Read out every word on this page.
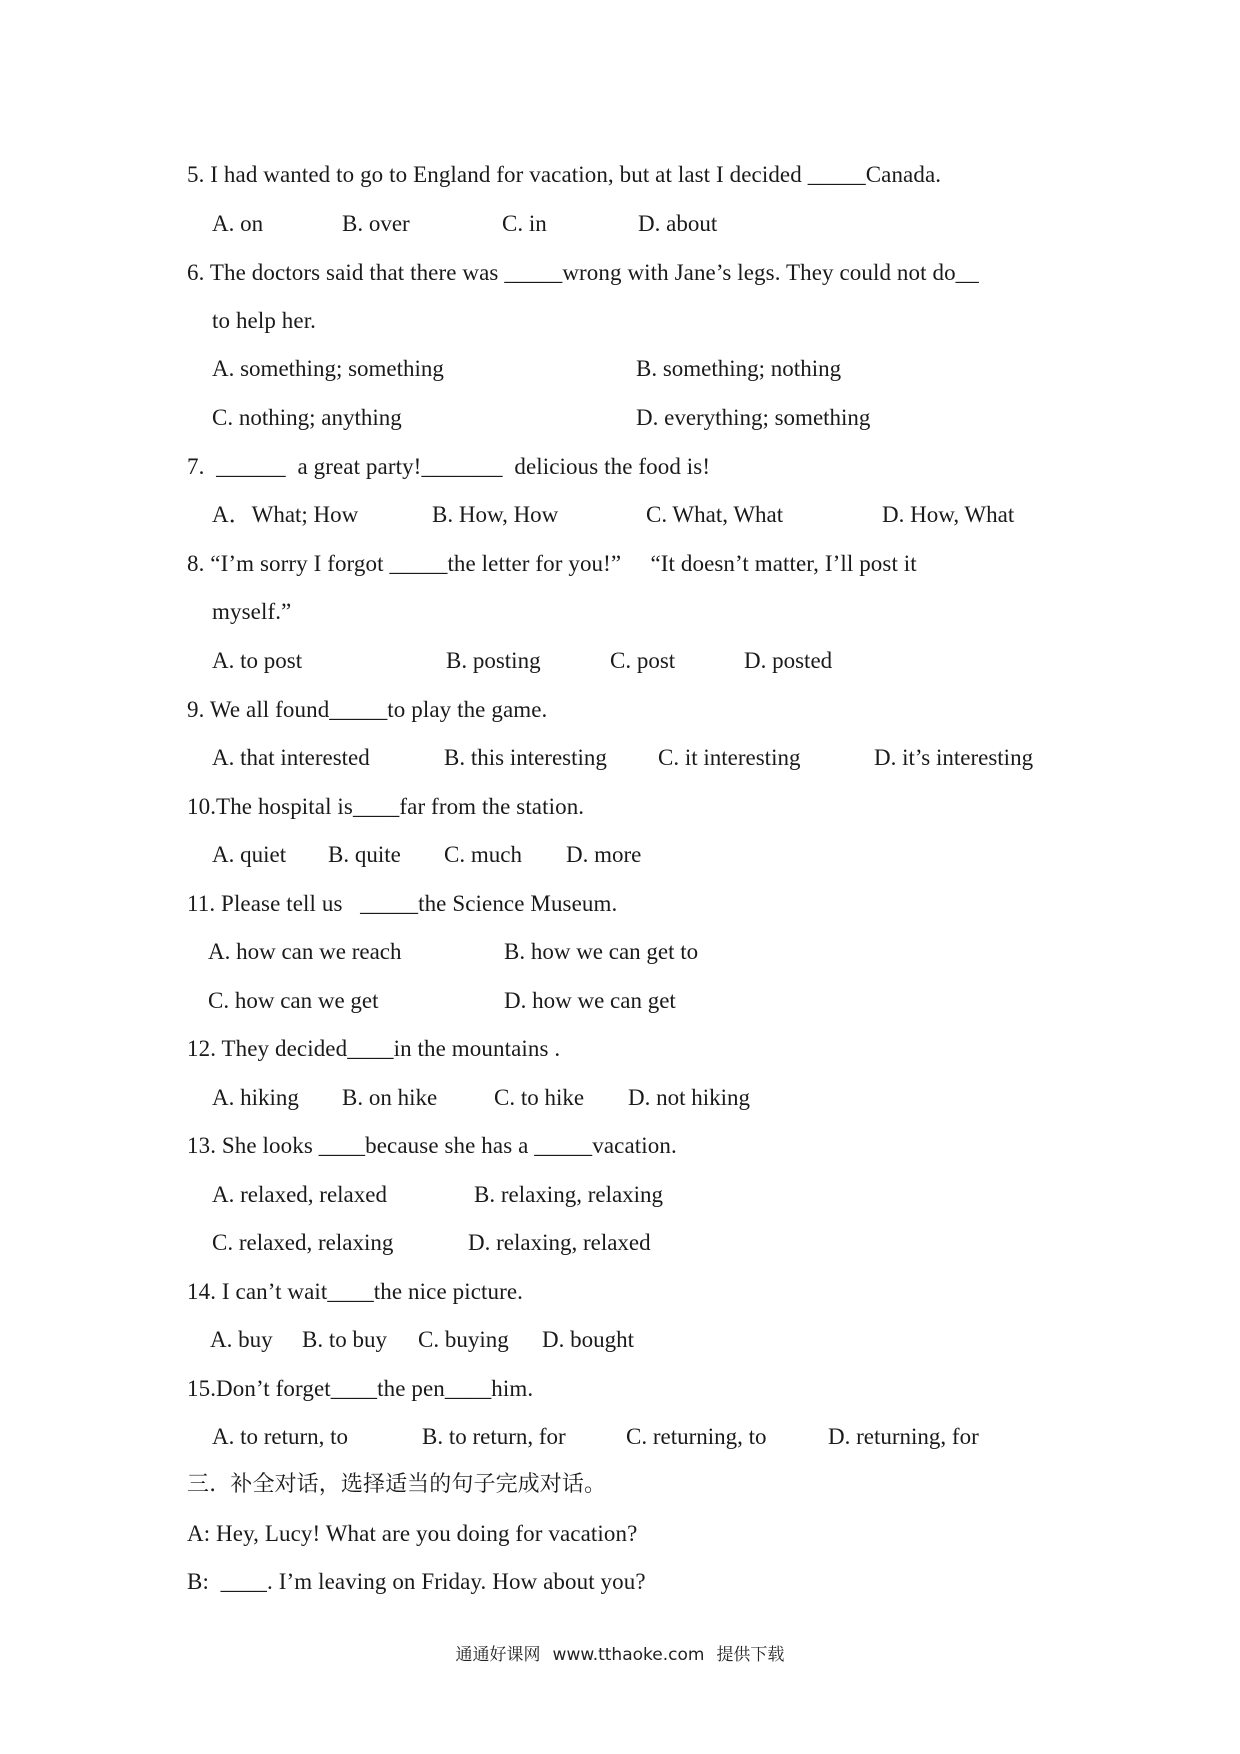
5. I had wanted to go to England for vacation, but at last I decided _____Canada.
A. on	B. over	C. in	D. about
6. The doctors said that there was _____wrong with Jane’s legs. They could not do__
to help her.
A. something; something	B. something; nothing
C. nothing; anything	D. everything; something
7.  ______  a great party!_______  delicious the food is!
A．What; How	B. How, How	C. What, What	D. How, What
8. “I’m sorry I forgot _____the letter for you!”     “It doesn’t matter, I’ll post it
myself.”
A. to post	B. posting	C. post	D. posted
9. We all found_____to play the game.
A. that interested	B. this interesting C. it interesting	D. it’s interesting
10.The hospital is____far from the station.
A. quiet B. quite C. much D. more
11. Please tell us   _____the Science Museum.
A. how can we reach	B. how we can get to
C. how can we get	D. how we can get
12. They decided____in the mountains .
A. hiking B. on hike C. to hike D. not hiking
13. She looks ____because she has a _____vacation.
A. relaxed, relaxed	B. relaxing, relaxing
C. relaxed, relaxing	D. relaxing, relaxed
14. I can’t wait____the nice picture.
A. buy B. to buy C. buying D. bought
15.Don’t forget____the pen____him.
A. to return, to	B. to return, for	C. returning, to	D. returning, for
三.  补全对话，选择适当的句子完成对话。
A: Hey, Lucy! What are you doing for vacation?
B:  ____. I’m leaving on Friday. How about you?
通通好课网 www.tthaoke.com 提供下载
